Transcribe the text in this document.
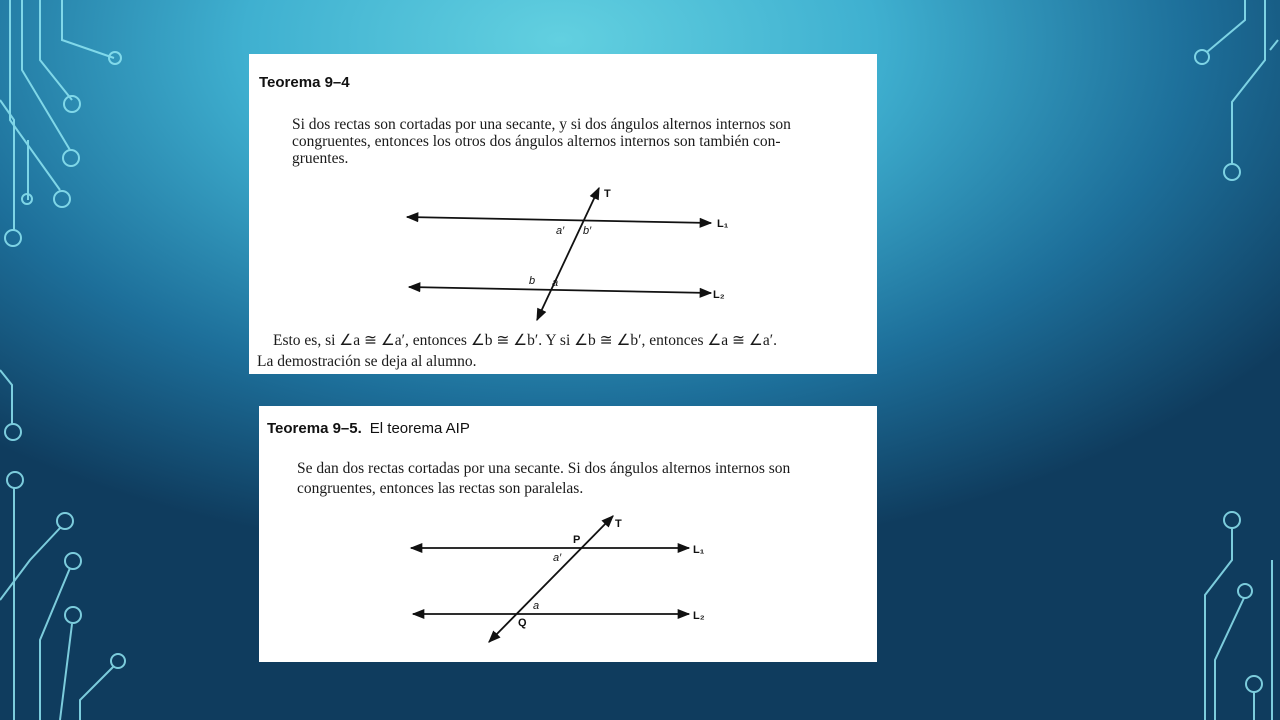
Teorema 9–4
Si dos rectas son cortadas por una secante, y si dos ángulos alternos internos son
congruentes, entonces los otros dos ángulos alternos internos son también con-
gruentes.
T
L₁
L₂
a′ b′
b a
Esto es, si ∠a ≅ ∠a′, entonces ∠b ≅ ∠b′. Y si ∠b ≅ ∠b′, entonces ∠a ≅ ∠a′.
La demostración se deja al alumno.
Teorema 9–5. El teorema AIP
Se dan dos rectas cortadas por una secante. Si dos ángulos alternos internos son
congruentes, entonces las rectas son paralelas.
T
L₁
L₂
P
a′
a
Q
